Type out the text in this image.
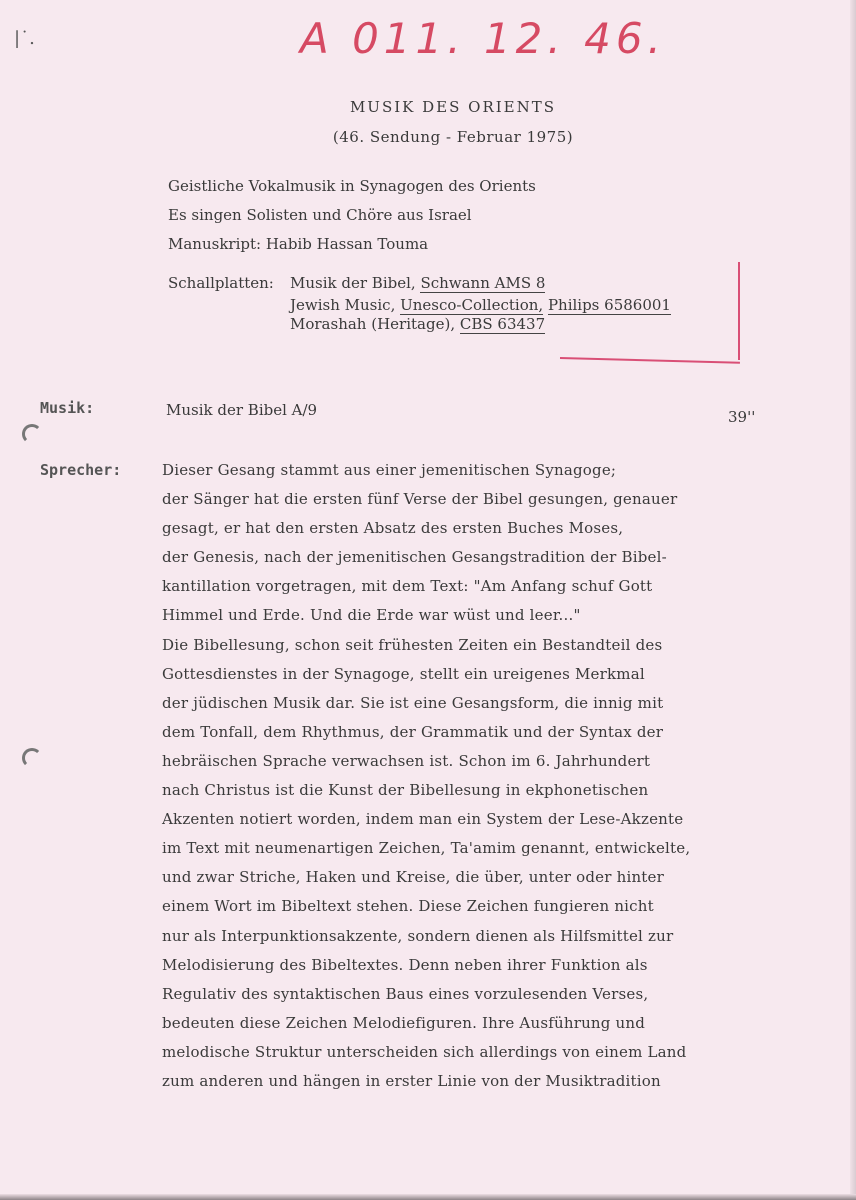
|˙.	A 011. 12. 46.
MUSIK DES ORIENTS
(46. Sendung - Februar 1975)
Geistliche Vokalmusik in Synagogen des Orients
Es singen Solisten und Chöre aus Israel
Manuskript: Habib Hassan Touma
Schallplatten: Musik der Bibel, Schwann AMS 8
Jewish Music, Unesco-Collection, Philips 6586001
Morashah (Heritage), CBS 63437
Musik:	Musik der Bibel A/9	39''
Sprecher:	Dieser Gesang stammt aus einer jemenitischen Synagoge;
der Sänger hat die ersten fünf Verse der Bibel gesungen, genauer
gesagt, er hat den ersten Absatz des ersten Buches Moses,
der Genesis, nach der jemenitischen Gesangstradition der Bibel-
kantillation vorgetragen, mit dem Text: "Am Anfang schuf Gott
Himmel und Erde. Und die Erde war wüst und leer..."
Die Bibellesung, schon seit frühesten Zeiten ein Bestandteil des
Gottesdienstes in der Synagoge, stellt ein ureigenes Merkmal
der jüdischen Musik dar. Sie ist eine Gesangsform, die innig mit
dem Tonfall, dem Rhythmus, der Grammatik und der Syntax der
hebräischen Sprache verwachsen ist. Schon im 6. Jahrhundert
nach Christus ist die Kunst der Bibellesung in ekphonetischen
Akzenten notiert worden, indem man ein System der Lese-Akzente
im Text mit neumenartigen Zeichen, Ta'amim genannt, entwickelte,
und zwar Striche, Haken und Kreise, die über, unter oder hinter
einem Wort im Bibeltext stehen. Diese Zeichen fungieren nicht
nur als Interpunktionsakzente, sondern dienen als Hilfsmittel zur
Melodisierung des Bibeltextes. Denn neben ihrer Funktion als
Regulativ des syntaktischen Baus eines vorzulesenden Verses,
bedeuten diese Zeichen Melodiefiguren. Ihre Ausführung und
melodische Struktur unterscheiden sich allerdings von einem Land
zum anderen und hängen in erster Linie von der Musiktradition
